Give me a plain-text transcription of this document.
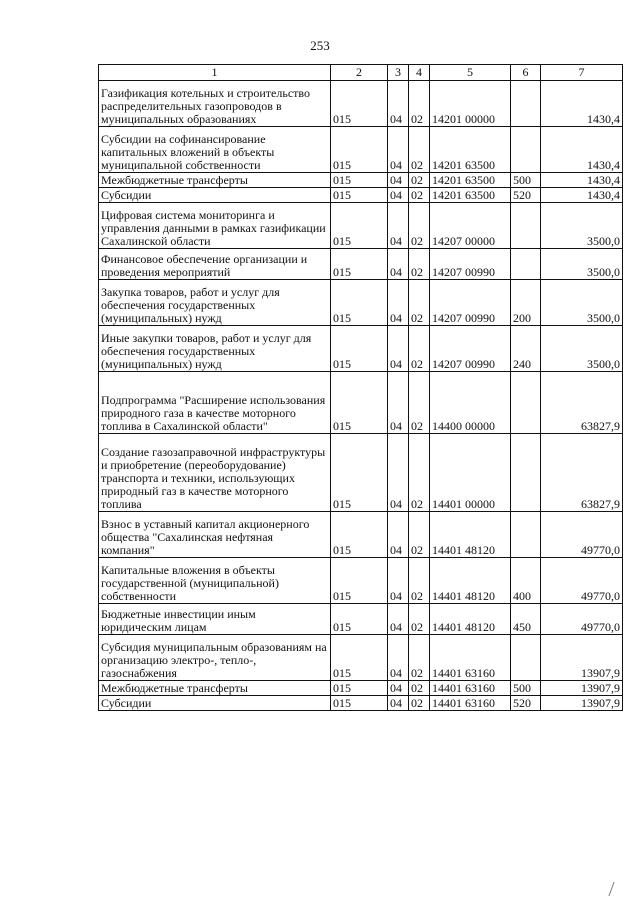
253
1	2	3	4	5	6	7
Газификация котельных и строительство распределительных газопроводов в муниципальных образованиях	015	04	02	14201 00000		1430,4
Субсидии на софинансирование капитальных вложений в объекты муниципальной собственности	015	04	02	14201 63500		1430,4
Межбюджетные трансферты	015	04	02	14201 63500	500	1430,4
Субсидии	015	04	02	14201 63500	520	1430,4
Цифровая система мониторинга и управления данными в рамках газификации Сахалинской области	015	04	02	14207 00000		3500,0
Финансовое обеспечение организации и проведения мероприятий	015	04	02	14207 00990		3500,0
Закупка товаров, работ и услуг для обеспечения государственных (муниципальных) нужд	015	04	02	14207 00990	200	3500,0
Иные закупки товаров, работ и услуг для обеспечения государственных (муниципальных) нужд	015	04	02	14207 00990	240	3500,0
Подпрограмма "Расширение использования природного газа в качестве моторного топлива в Сахалинской области"	015	04	02	14400 00000		63827,9
Создание газозаправочной инфраструктуры и приобретение (переоборудование) транспорта и техники, использующих природный газ в качестве моторного топлива	015	04	02	14401 00000		63827,9
Взнос в уставный капитал акционерного общества "Сахалинская нефтяная компания"	015	04	02	14401 48120		49770,0
Капитальные вложения в объекты государственной (муниципальной) собственности	015	04	02	14401 48120	400	49770,0
Бюджетные инвестиции иным юридическим лицам	015	04	02	14401 48120	450	49770,0
Субсидия муниципальным образованиям на организацию электро-, тепло-, газоснабжения	015	04	02	14401 63160		13907,9
Межбюджетные трансферты	015	04	02	14401 63160	500	13907,9
Субсидии	015	04	02	14401 63160	520	13907,9
